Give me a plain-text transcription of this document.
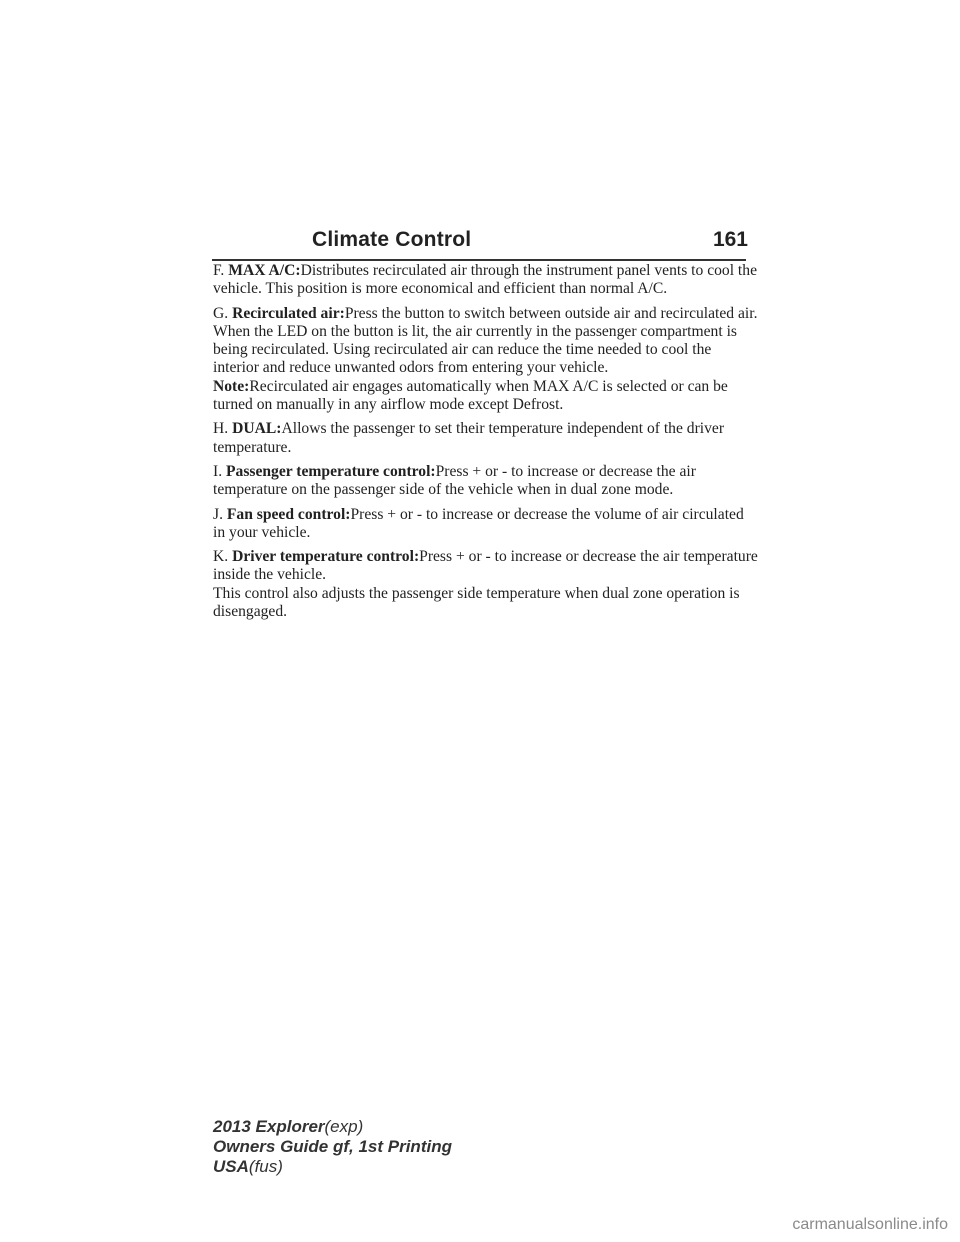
Climate Control	161

F. MAX A/C:Distributes recirculated air through the instrument panel vents to cool the vehicle. This position is more economical and efficient than normal A/C.

G. Recirculated air:Press the button to switch between outside air and recirculated air. When the LED on the button is lit, the air currently in the passenger compartment is being recirculated. Using recirculated air can reduce the time needed to cool the interior and reduce unwanted odors from entering your vehicle.

Note:Recirculated air engages automatically when MAX A/C is selected or can be turned on manually in any airflow mode except Defrost.

H. DUAL:Allows the passenger to set their temperature independent of the driver temperature.

I. Passenger temperature control:Press + or - to increase or decrease the air temperature on the passenger side of the vehicle when in dual zone mode.

J. Fan speed control:Press + or - to increase or decrease the volume of air circulated in your vehicle.

K. Driver temperature control:Press + or - to increase or decrease the air temperature inside the vehicle.

This control also adjusts the passenger side temperature when dual zone operation is disengaged.

2013 Explorer(exp)
Owners Guide gf, 1st Printing
USA(fus)
carmanualsonline.info
